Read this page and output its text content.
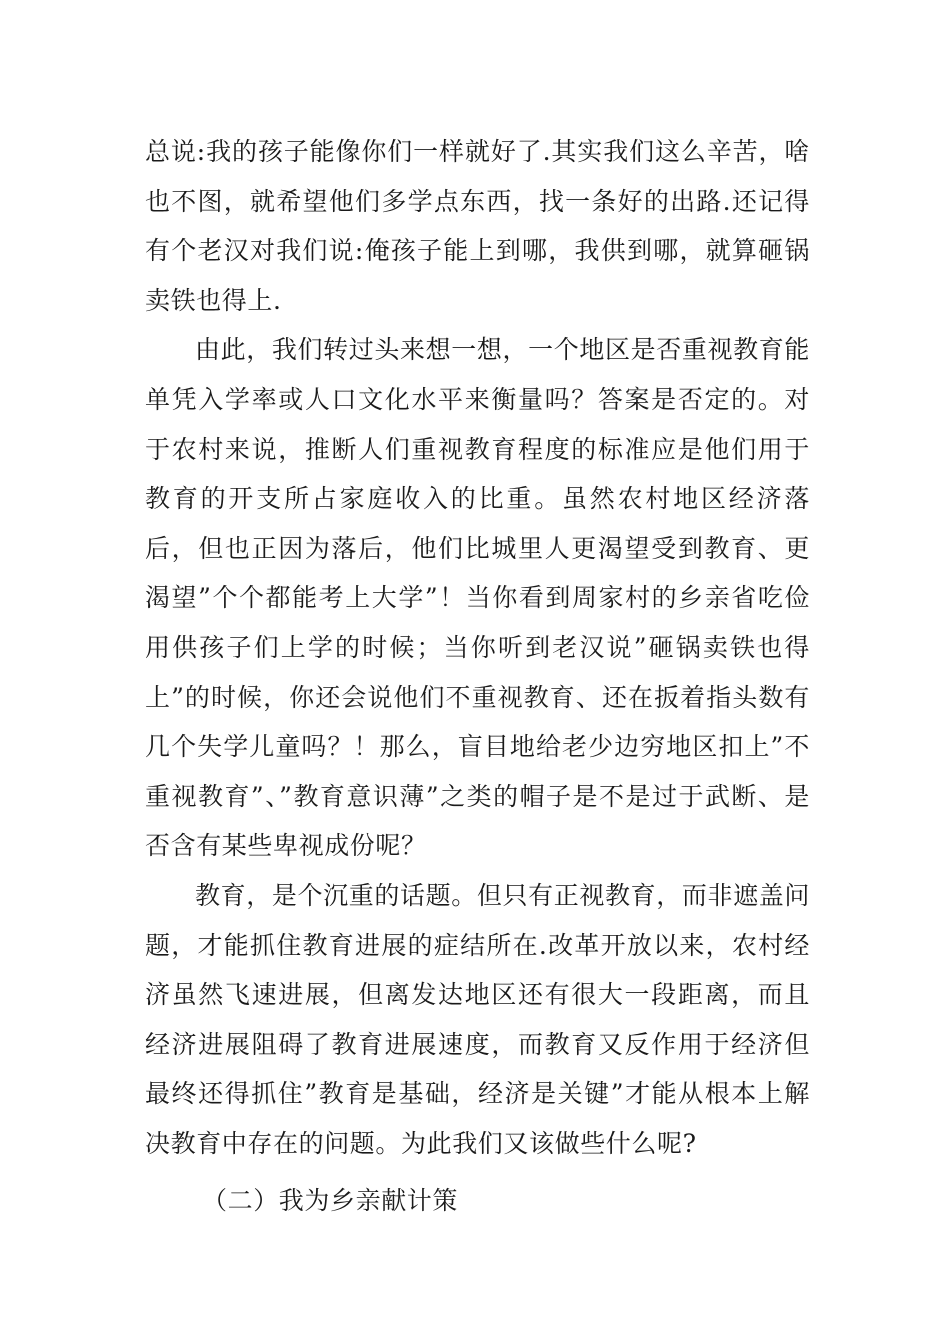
总说:我的孩子能像你们一样就好了.其实我们这么辛苦，啥也不图，就希望他们多学点东西，找一条好的出路.还记得有个老汉对我们说:俺孩子能上到哪，我供到哪，就算砸锅卖铁也得上.

由此，我们转过头来想一想，一个地区是否重视教育能单凭入学率或人口文化水平来衡量吗？答案是否定的。对于农村来说，推断人们重视教育程度的标准应是他们用于教育的开支所占家庭收入的比重。虽然农村地区经济落后，但也正因为落后，他们比城里人更渴望受到教育、更渴望”个个都能考上大学”！当你看到周家村的乡亲省吃俭用供孩子们上学的时候；当你听到老汉说”砸锅卖铁也得上”的时候，你还会说他们不重视教育、还在扳着指头数有几个失学儿童吗？！那么，盲目地给老少边穷地区扣上”不重视教育”、”教育意识薄”之类的帽子是不是过于武断、是否含有某些卑视成份呢？

教育，是个沉重的话题。但只有正视教育，而非遮盖问题，才能抓住教育进展的症结所在.改革开放以来，农村经济虽然飞速进展，但离发达地区还有很大一段距离，而且经济进展阻碍了教育进展速度，而教育又反作用于经济但最终还得抓住”教育是基础，经济是关键”才能从根本上解决教育中存在的问题。为此我们又该做些什么呢?

（二）我为乡亲献计策
